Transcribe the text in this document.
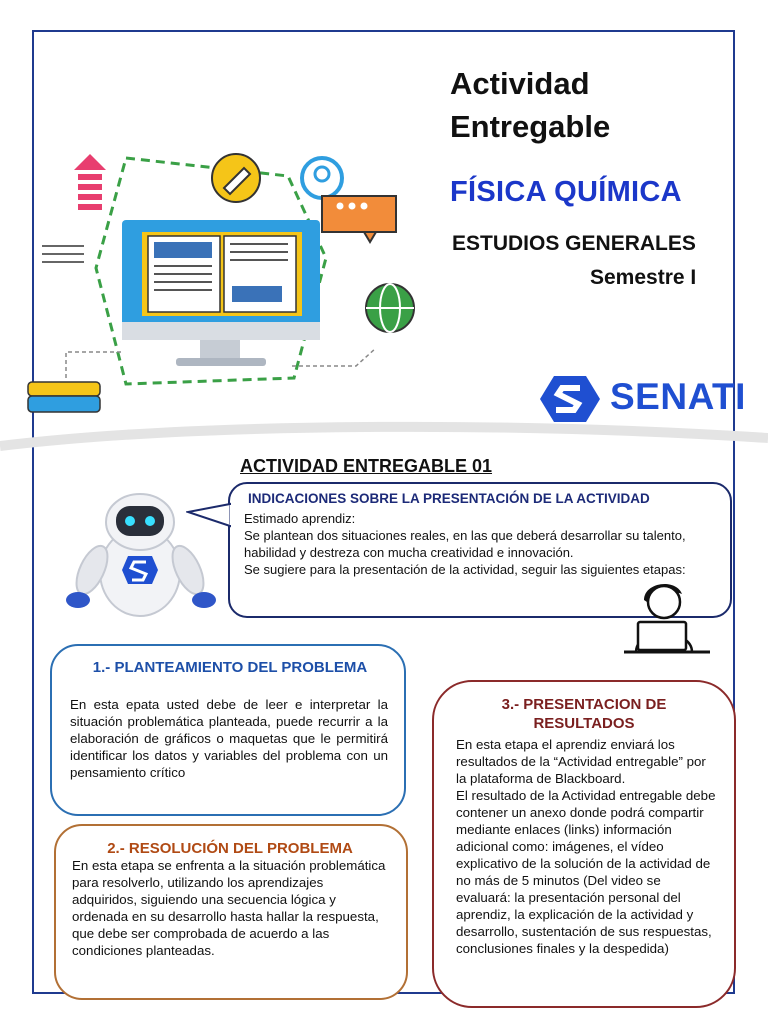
Actividad Entregable
FÍSICA QUÍMICA
ESTUDIOS GENERALES
Semestre I
SENATI
ACTIVIDAD ENTREGABLE 01
INDICACIONES SOBRE LA PRESENTACIÓN DE LA ACTIVIDAD
Estimado aprendiz:
Se plantean dos situaciones reales, en las que deberá desarrollar su talento, habilidad y destreza con mucha creatividad e innovación.
Se sugiere para la presentación de la actividad, seguir las siguientes etapas:
1.- PLANTEAMIENTO DEL PROBLEMA
En esta epata usted debe de leer e interpretar la situación problemática planteada, puede recurrir a la elaboración de gráficos o maquetas que le permitirá identificar los datos y variables del problema con un pensamiento crítico
2.- RESOLUCIÓN DEL PROBLEMA
En esta etapa se enfrenta a la situación problemática para resolverlo, utilizando los aprendizajes adquiridos, siguiendo una secuencia lógica y ordenada en su desarrollo hasta hallar la respuesta, que debe ser comprobada de acuerdo a las condiciones planteadas.
En esta etapa el aprendiz enviará los resultados de la “Actividad entregable” por la plataforma de Blackboard.
El resultado de la Actividad entregable debe contener un anexo donde podrá compartir mediante enlaces (links) información adicional como: imágenes, el vídeo explicativo de la solución de la actividad de no más de 5 minutos (Del video se evaluará: la presentación personal del aprendiz, la explicación de la actividad y desarrollo, sustentación de sus respuestas, conclusiones finales y la despedida)
3.- PRESENTACION DE RESULTADOS
